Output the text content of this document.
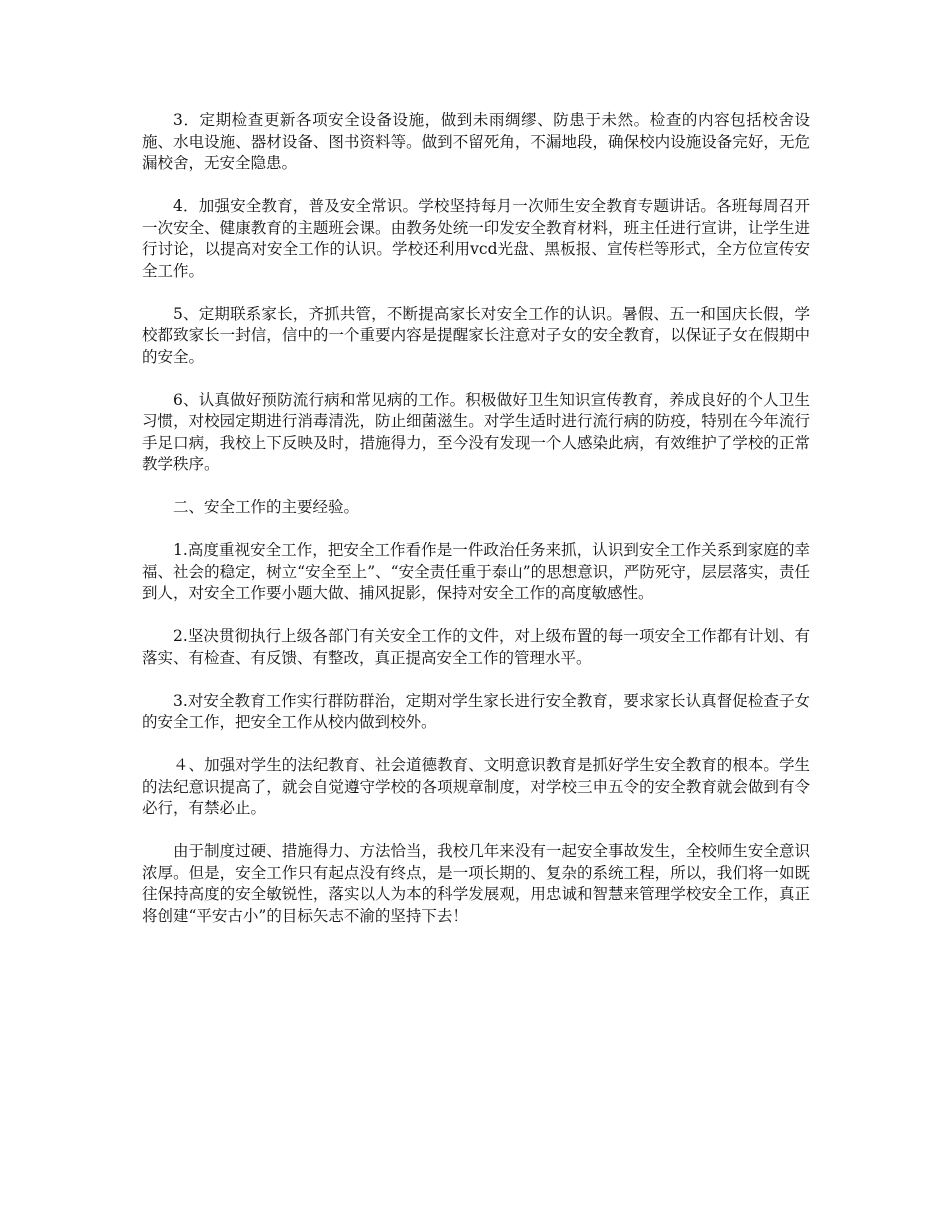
3．定期检查更新各项安全设备设施，做到未雨绸缪、防患于未然。检查的内容包括校舍设施、水电设施、器材设备、图书资料等。做到不留死角，不漏地段，确保校内设施设备完好，无危漏校舍，无安全隐患。

4．加强安全教育，普及安全常识。学校坚持每月一次师生安全教育专题讲话。各班每周召开一次安全、健康教育的主题班会课。由教务处统一印发安全教育材料，班主任进行宣讲，让学生进行讨论，以提高对安全工作的认识。学校还利用vcd光盘、黑板报、宣传栏等形式，全方位宣传安全工作。

5、定期联系家长，齐抓共管，不断提高家长对安全工作的认识。暑假、五一和国庆长假，学校都致家长一封信，信中的一个重要内容是提醒家长注意对子女的安全教育，以保证子女在假期中的安全。

6、认真做好预防流行病和常见病的工作。积极做好卫生知识宣传教育，养成良好的个人卫生习惯，对校园定期进行消毒清洗，防止细菌滋生。对学生适时进行流行病的防疫，特别在今年流行手足口病，我校上下反映及时，措施得力，至今没有发现一个人感染此病，有效维护了学校的正常教学秩序。

二、安全工作的主要经验。

1.高度重视安全工作，把安全工作看作是一件政治任务来抓，认识到安全工作关系到家庭的幸福、社会的稳定，树立“安全至上”、“安全责任重于泰山”的思想意识，严防死守，层层落实，责任到人，对安全工作要小题大做、捕风捉影，保持对安全工作的高度敏感性。

2.坚决贯彻执行上级各部门有关安全工作的文件，对上级布置的每一项安全工作都有计划、有落实、有检查、有反馈、有整改，真正提高安全工作的管理水平。

3.对安全教育工作实行群防群治，定期对学生家长进行安全教育，要求家长认真督促检查子女的安全工作，把安全工作从校内做到校外。

４、加强对学生的法纪教育、社会道德教育、文明意识教育是抓好学生安全教育的根本。学生的法纪意识提高了，就会自觉遵守学校的各项规章制度，对学校三申五令的安全教育就会做到有令必行，有禁必止。

由于制度过硬、措施得力、方法恰当，我校几年来没有一起安全事故发生，全校师生安全意识浓厚。但是，安全工作只有起点没有终点，是一项长期的、复杂的系统工程，所以，我们将一如既往保持高度的安全敏锐性，落实以人为本的科学发展观，用忠诚和智慧来管理学校安全工作，真正将创建“平安古小”的目标矢志不渝的坚持下去！
